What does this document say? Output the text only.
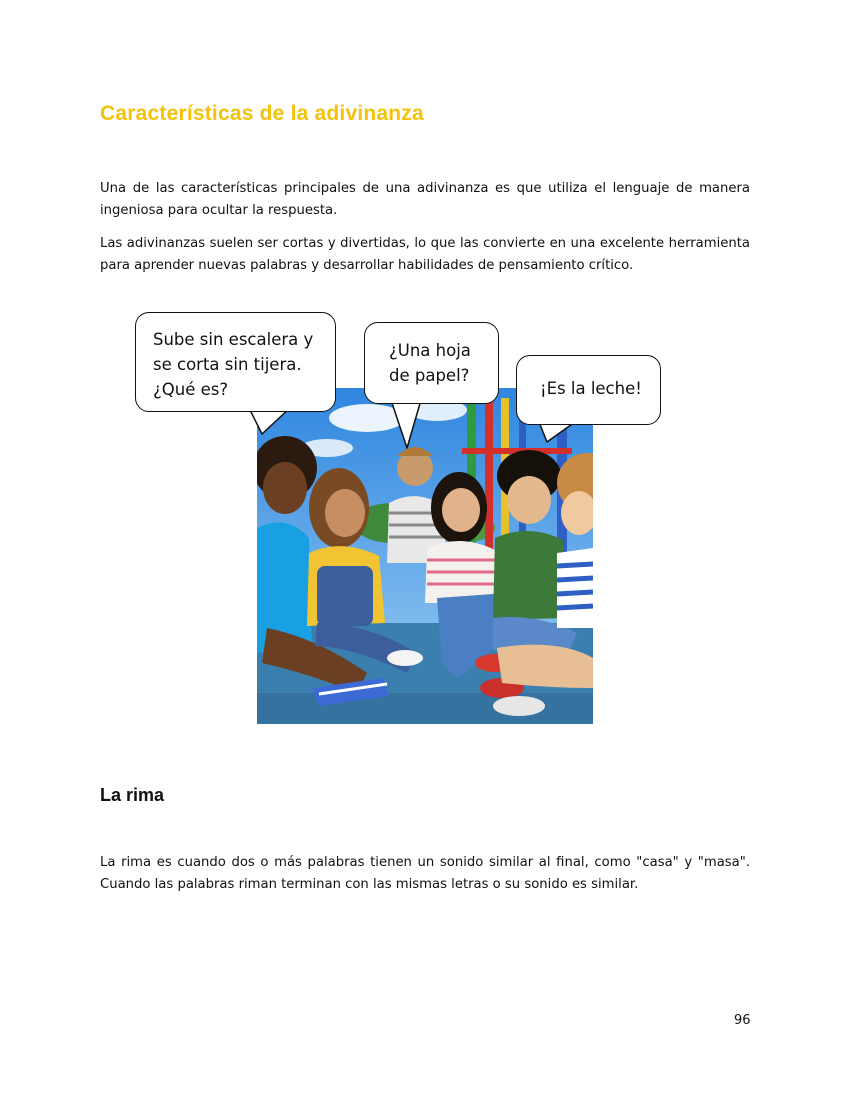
Características de la adivinanza

Una de las características principales de una adivinanza es que utiliza el lenguaje de manera ingeniosa para ocultar la respuesta.

Las adivinanzas suelen ser cortas y divertidas, lo que las convierte en una excelente herramienta para aprender nuevas palabras y desarrollar habilidades de pensamiento crítico.

Sube sin escalera y
se corta sin tijera.
¿Qué es?
¿Una hoja
de papel?
¡Es la leche!
La rima

La rima es cuando dos o más palabras tienen un sonido similar al final, como "casa" y "masa". Cuando las palabras riman terminan con las mismas letras o su sonido es similar.

96
